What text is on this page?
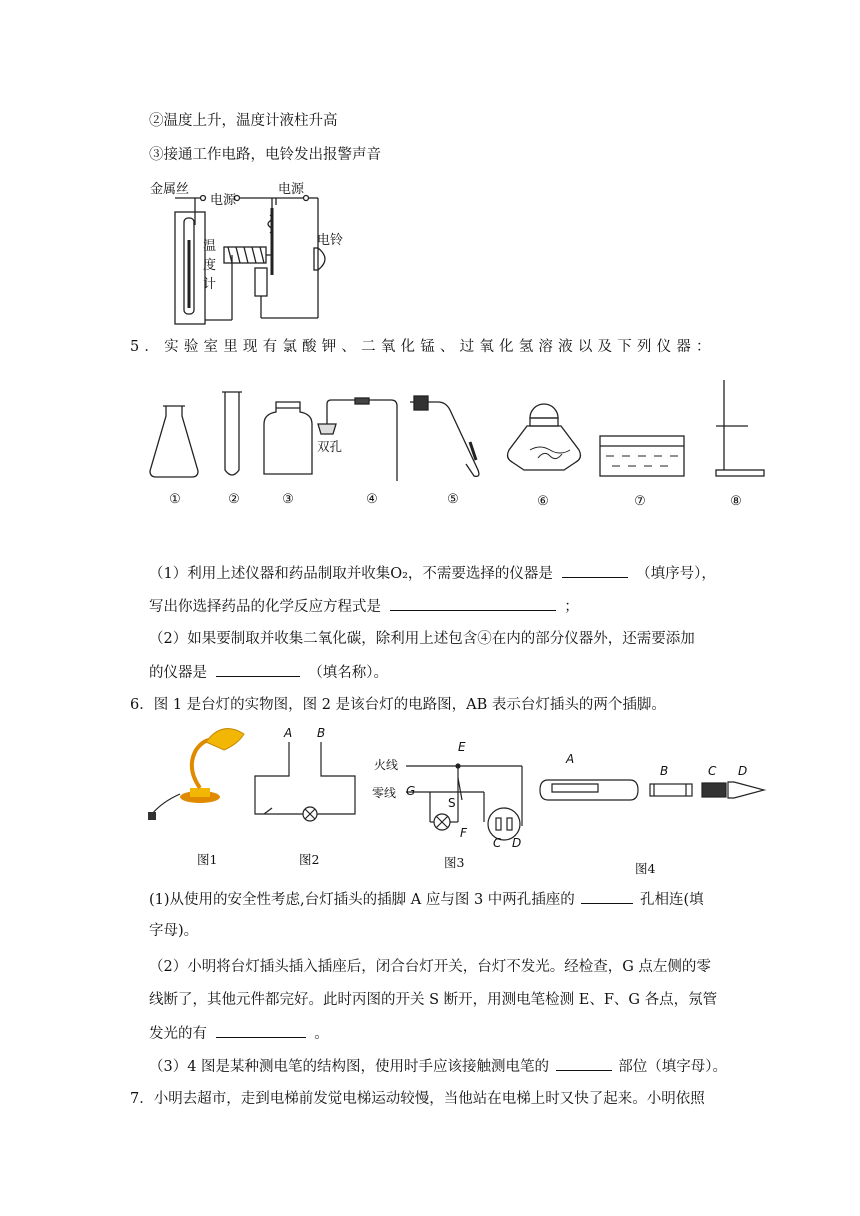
②温度上升，温度计液柱升高
③接通工作电路，电铃发出报警声音
金属丝
电源
电源
温
度
计
电铃
5．实验室里现有氯酸钾、二氧化锰、过氧化氢溶液以及下列仪器：
双孔
①	②	③	④	⑤	⑥	⑦	⑧
（1）利用上述仪器和药品制取并收集O₂，不需要选择的仪器是	（填序号），
写出你选择药品的化学反应方程式是	；
（2）如果要制取并收集二氧化碳，除利用上述包含④在内的部分仪器外，还需要添加
的仪器是	（填名称）。
6．图 1 是台灯的实物图，图 2 是该台灯的电路图，AB 表示台灯插头的两个插脚。
A B
火线
零线
E
G
S
F
C D
A
B	C D
图1	图2	图3	图4
(1)从使用的安全性考虑,台灯插头的插脚 A 应与图 3 中两孔插座的	孔相连(填
字母)。
（2）小明将台灯插头插入插座后，闭合台灯开关，台灯不发光。经检查，G 点左侧的零
线断了，其他元件都完好。此时丙图的开关 S 断开，用测电笔检测 E、F、G 各点，氖管
发光的有	。
（3）4 图是某种测电笔的结构图，使用时手应该接触测电笔的	部位（填字母）。
7．小明去超市，走到电梯前发觉电梯运动较慢，当他站在电梯上时又快了起来。小明依照
